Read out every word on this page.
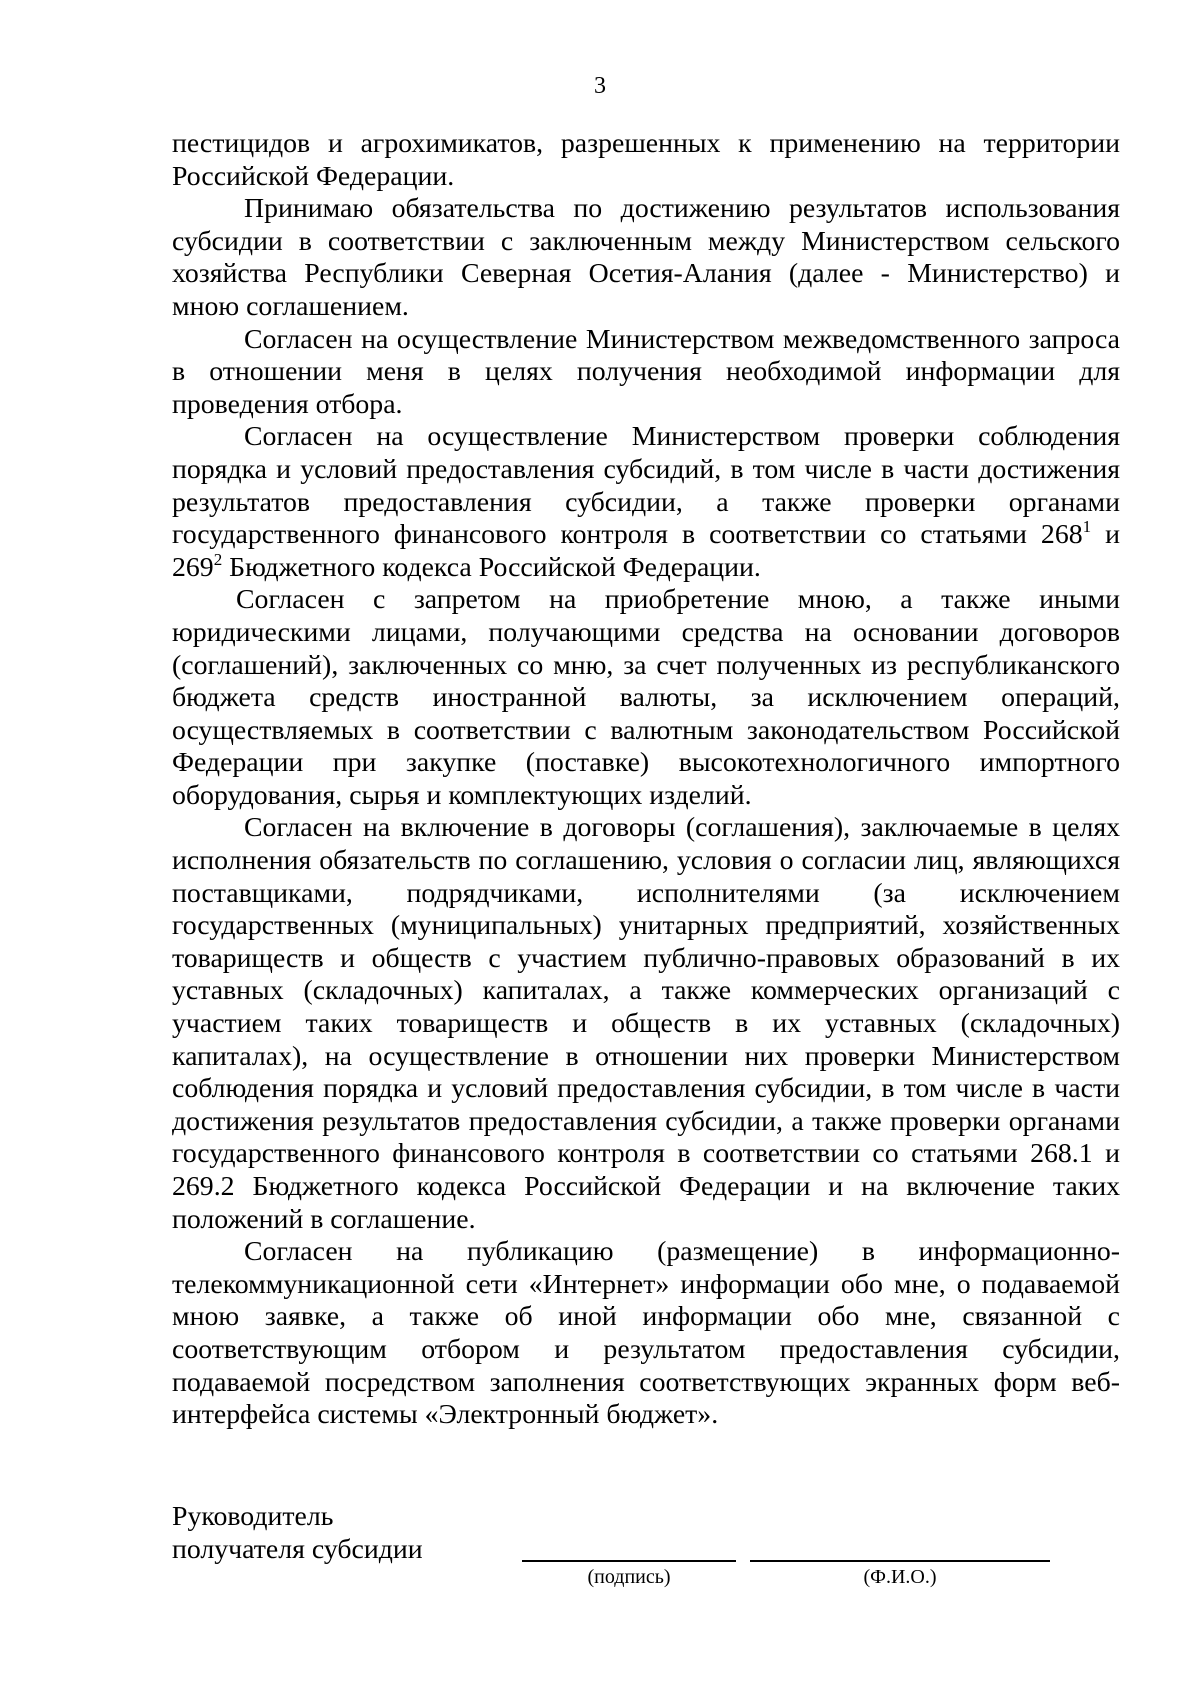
3

пестицидов и агрохимикатов, разрешенных к применению на территории Российской Федерации.

Принимаю обязательства по достижению результатов использования субсидии в соответствии с заключенным между Министерством сельского хозяйства Республики Северная Осетия-Алания (далее - Министерство) и мною соглашением.

Согласен на осуществление Министерством межведомственного запроса в отношении меня в целях получения необходимой информации для проведения отбора.

Согласен на осуществление Министерством проверки соблюдения порядка и условий предоставления субсидий, в том числе в части достижения результатов предоставления субсидии, а также проверки органами государственного финансового контроля в соответствии со статьями $268^1$ и $269^2$ Бюджетного кодекса Российской Федерации.

Согласен с запретом на приобретение мною, а также иными юридическими лицами, получающими средства на основании договоров (соглашений), заключенных со мню, за счет полученных из республиканского бюджета средств иностранной валюты, за исключением операций, осуществляемых в соответствии с валютным законодательством Российской Федерации при закупке (поставке) высокотехнологичного импортного оборудования, сырья и комплектующих изделий.

Согласен на включение в договоры (соглашения), заключаемые в целях исполнения обязательств по соглашению, условия о согласии лиц, являющихся поставщиками, подрядчиками, исполнителями (за исключением государственных (муниципальных) унитарных предприятий, хозяйственных товариществ и обществ с участием публично-правовых образований в их уставных (складочных) капиталах, а также коммерческих организаций с участием таких товариществ и обществ в их уставных (складочных) капиталах), на осуществление в отношении них проверки Министерством соблюдения порядка и условий предоставления субсидии, в том числе в части достижения результатов предоставления субсидии, а также проверки органами государственного финансового контроля в соответствии со статьями 268.1 и 269.2 Бюджетного кодекса Российской Федерации и на включение таких положений в соглашение.

Согласен на публикацию (размещение) в информационно-телекоммуникационной сети «Интернет» информации обо мне, о подаваемой мною заявке, а также об иной информации обо мне, связанной с соответствующим отбором и результатом предоставления субсидии, подаваемой посредством заполнения соответствующих экранных форм веб-интерфейса системы «Электронный бюджет».

Руководитель
получателя субсидии
(подпись)	(Ф.И.О.)
